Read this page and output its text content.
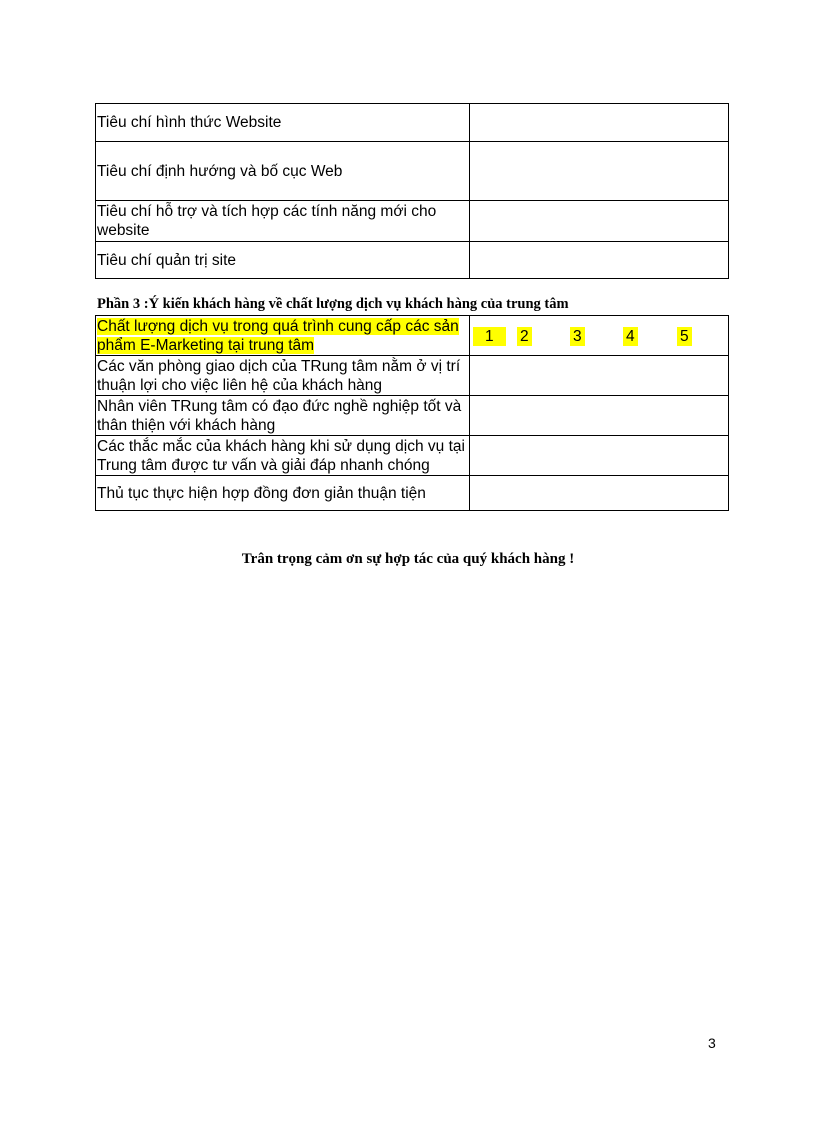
Tiêu chí hình thức Website	
Tiêu chí định hướng và bố cục Web	
Tiêu chí hỗ trợ và tích hợp các tính năng mới cho website	
Tiêu chí quản trị site	

Phần 3 :Ý kiến khách hàng về chất lượng dịch vụ khách hàng của trung tâm

Chất lượng dịch vụ trong quá trình cung cấp các sản phẩm E-Marketing tại trung tâm	1 2 3 4 5

Các văn phòng giao dịch của TRung tâm nằm ở vị trí thuận lợi cho việc liên hệ của khách hàng	
Nhân viên TRung tâm có đạo đức nghề nghiệp tốt và thân thiện với khách hàng	
Các thắc mắc của khách hàng khi sử dụng dịch vụ tại Trung tâm được tư vấn và giải đáp nhanh chóng	
Thủ tục thực hiện hợp đồng đơn giản thuận tiện	

Trân trọng cảm ơn sự hợp tác của quý khách hàng !

3
